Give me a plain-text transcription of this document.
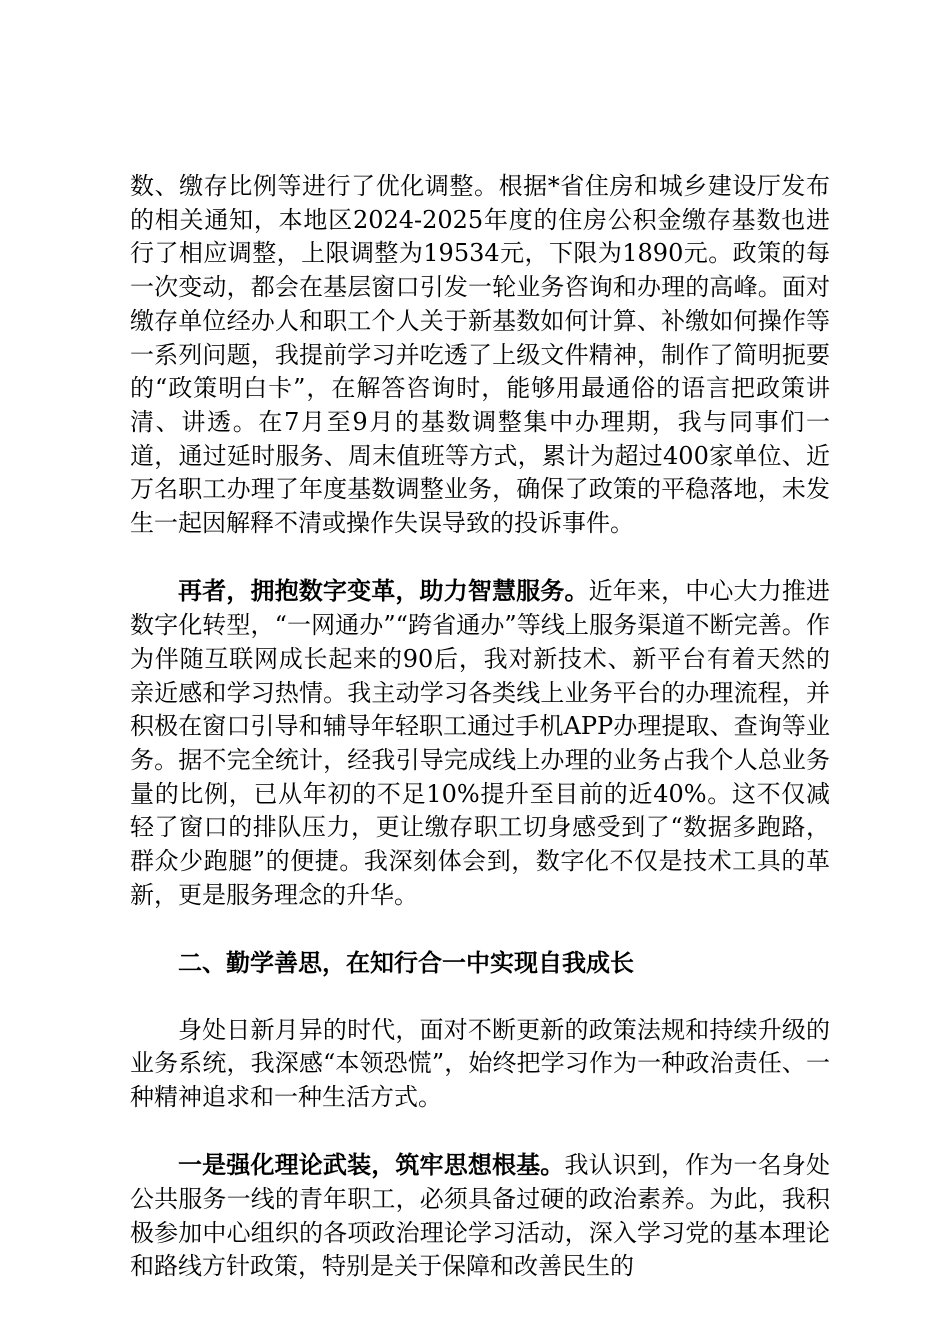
数、缴存比例等进行了优化调整。根据*省住房和城乡建设厅发布的相关通知，本地区2024-2025年度的住房公积金缴存基数也进行了相应调整，上限调整为19534元，下限为1890元。政策的每一次变动，都会在基层窗口引发一轮业务咨询和办理的高峰。面对缴存单位经办人和职工个人关于新基数如何计算、补缴如何操作等一系列问题，我提前学习并吃透了上级文件精神，制作了简明扼要的“政策明白卡”，在解答咨询时，能够用最通俗的语言把政策讲清、讲透。在7月至9月的基数调整集中办理期，我与同事们一道，通过延时服务、周末值班等方式，累计为超过400家单位、近万名职工办理了年度基数调整业务，确保了政策的平稳落地，未发生一起因解释不清或操作失误导致的投诉事件。

再者，拥抱数字变革，助力智慧服务。近年来，中心大力推进数字化转型，“一网通办”“跨省通办”等线上服务渠道不断完善。作为伴随互联网成长起来的90后，我对新技术、新平台有着天然的亲近感和学习热情。我主动学习各类线上业务平台的办理流程，并积极在窗口引导和辅导年轻职工通过手机APP办理提取、查询等业务。据不完全统计，经我引导完成线上办理的业务占我个人总业务量的比例，已从年初的不足10%提升至目前的近40%。这不仅减轻了窗口的排队压力，更让缴存职工切身感受到了“数据多跑路，群众少跑腿”的便捷。我深刻体会到，数字化不仅是技术工具的革新，更是服务理念的升华。

二、勤学善思，在知行合一中实现自我成长

身处日新月异的时代，面对不断更新的政策法规和持续升级的业务系统，我深感“本领恐慌”，始终把学习作为一种政治责任、一种精神追求和一种生活方式。

一是强化理论武装，筑牢思想根基。我认识到，作为一名身处公共服务一线的青年职工，必须具备过硬的政治素养。为此，我积极参加中心组织的各项政治理论学习活动，深入学习党的基本理论和路线方针政策，特别是关于保障和改善民生的
